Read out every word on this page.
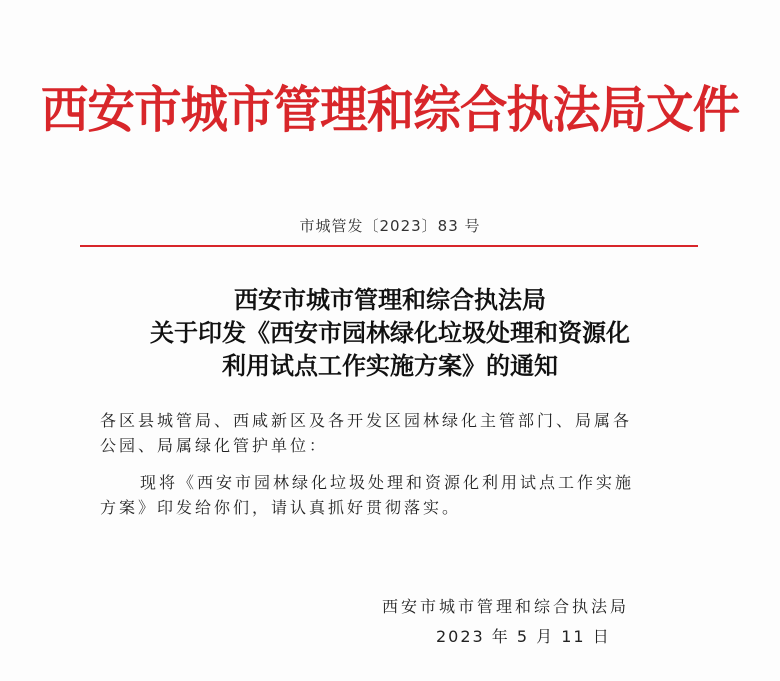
西安市城市管理和综合执法局文件
市城管发〔2023〕83 号
西安市城市管理和综合执法局
关于印发《西安市园林绿化垃圾处理和资源化
利用试点工作实施方案》的通知
各区县城管局、西咸新区及各开发区园林绿化主管部门、局属各
公园、局属绿化管护单位：
现将《西安市园林绿化垃圾处理和资源化利用试点工作实施
方案》印发给你们，请认真抓好贯彻落实。
西安市城市管理和综合执法局
2023 年 5 月 11 日
